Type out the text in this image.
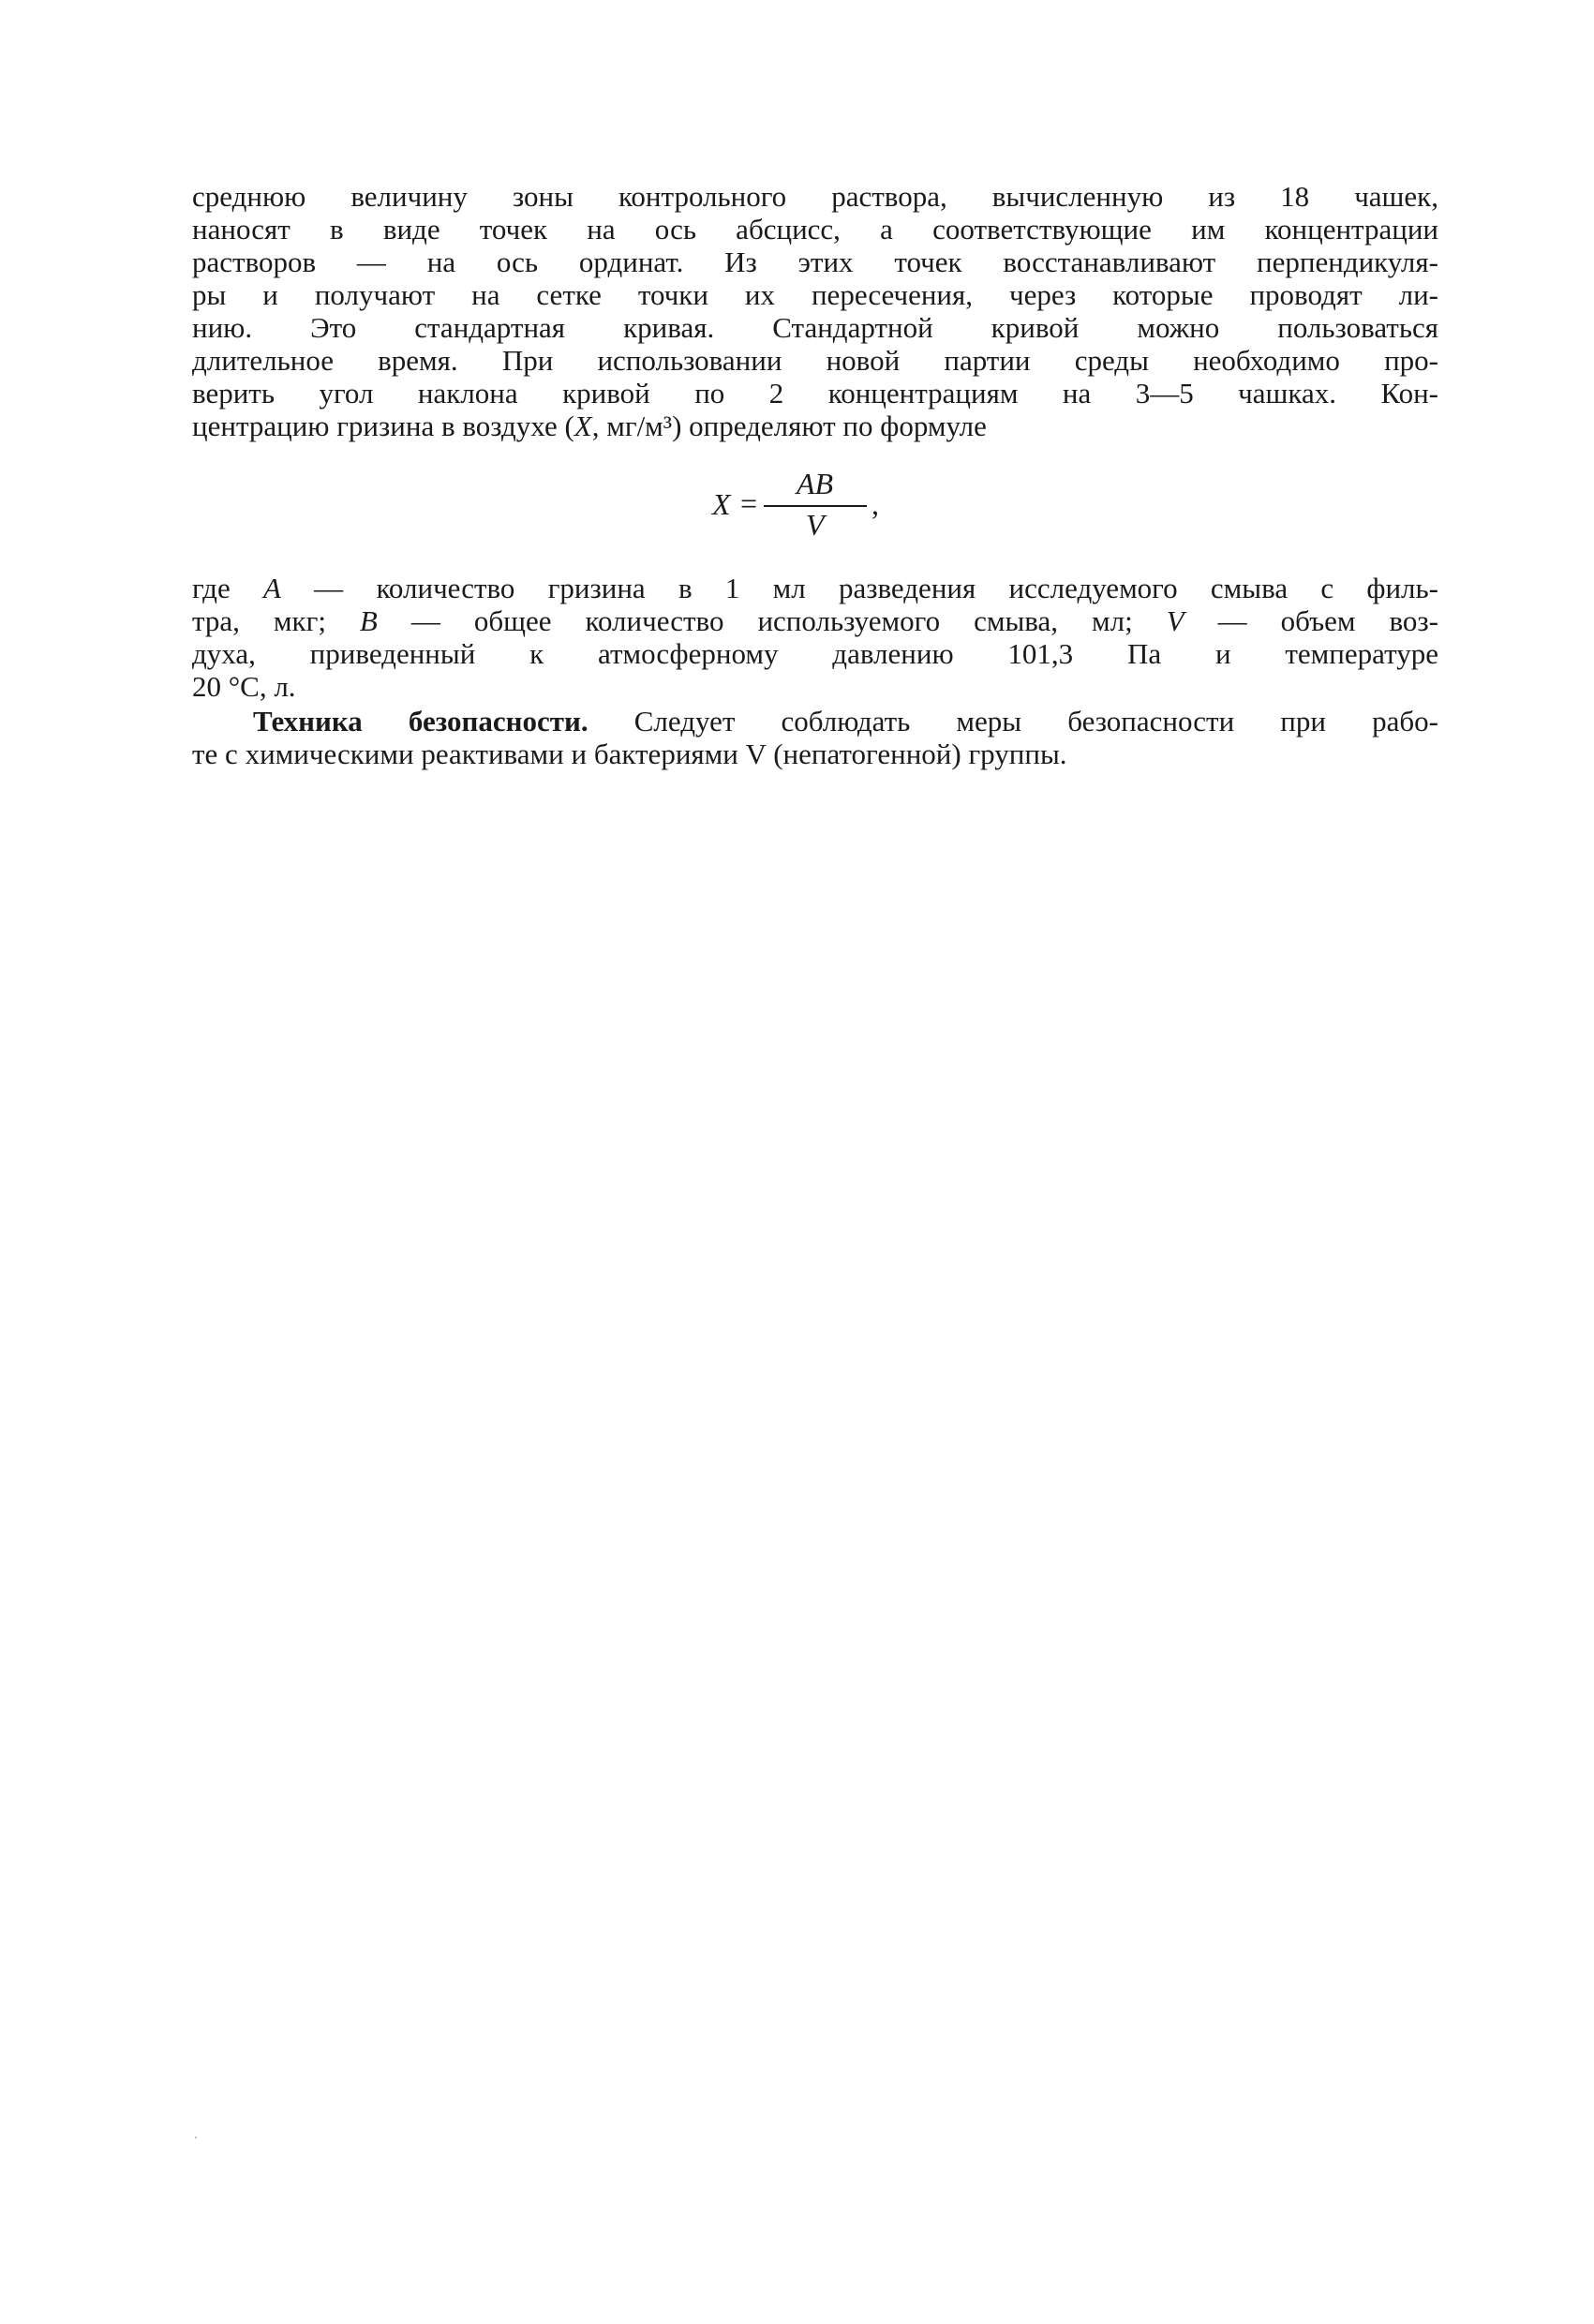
среднюю величину зоны контрольного раствора, вычисленную из 18 чашек,
наносят в виде точек на ось абсцисс, а соответствующие им концентрации
растворов — на ось ординат. Из этих точек восстанавливают перпендикуля-
ры и получают на сетке точки их пересечения, через которые проводят ли-
нию. Это стандартная кривая. Стандартной кривой можно пользоваться
длительное время. При использовании новой партии среды необходимо про-
верить угол наклона кривой по 2 концентрациям на 3—5 чашках. Кон-
центрацию гризина в воздухе (X, мг/м³) определяют по формуле
X =
AB
V
,
где A — количество гризина в 1 мл разведения исследуемого смыва с филь-
тра, мкг; B — общее количество используемого смыва, мл; V — объем воз-
духа, приведенный к атмосферному давлению 101,3 Па и температуре
20 °С, л.
Техника безопасности. Следует соблюдать меры безопасности при рабо-
те с химическими реактивами и бактериями V (непатогенной) группы.
